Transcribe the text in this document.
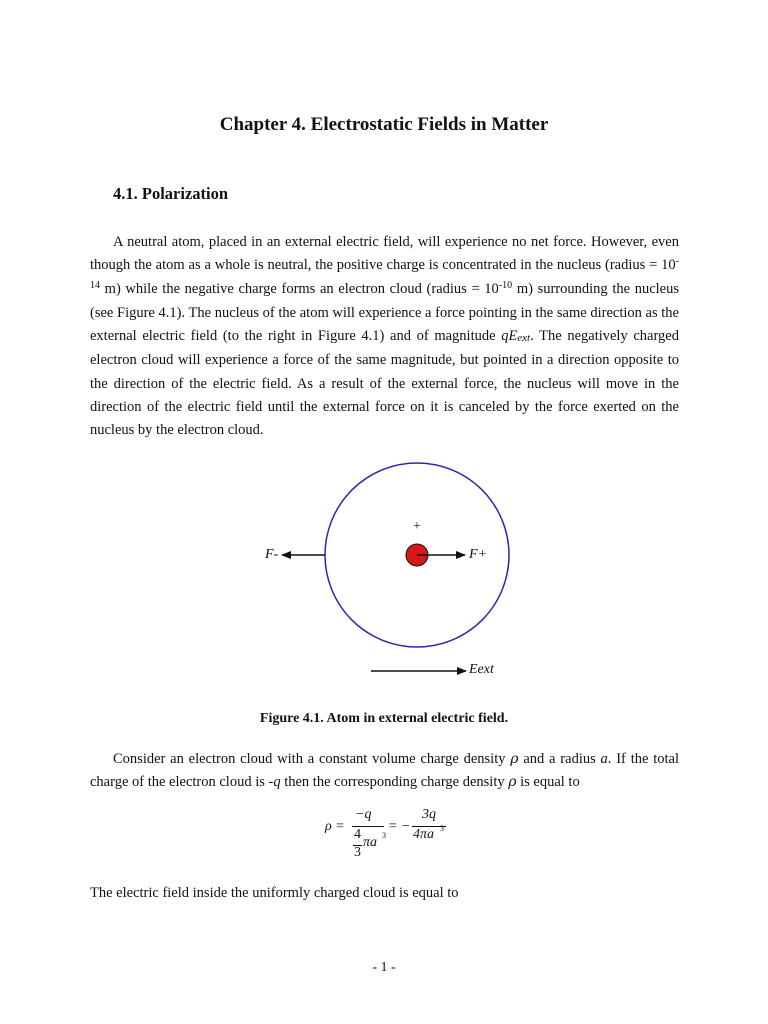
Chapter 4. Electrostatic Fields in Matter
4.1. Polarization

A neutral atom, placed in an external electric field, will experience no net force. However, even though the atom as a whole is neutral, the positive charge is concentrated in the nucleus (radius = $10^{-14}$ m) while the negative charge forms an electron cloud (radius = $10^{-10}$ m) surrounding the nucleus (see Figure 4.1). The nucleus of the atom will experience a force pointing in the same direction as the external electric field (to the right in Figure 4.1) and of magnitude $qE_{ext}$. The negatively charged electron cloud will experience a force of the same magnitude, but pointed in a direction opposite to the direction of the electric field. As a result of the external force, the nucleus will move in the direction of the electric field until the external force on it is canceled by the force exerted on the nucleus by the electron cloud.

+
F-	F+
Eext
Figure 4.1. Atom in external electric field.

Consider an electron cloud with a constant volume charge density ρ and a radius a. If the total charge of the electron cloud is -q then the corresponding charge density ρ is equal to

ρ =
−q
4
3
πa 3
= −
3q
4πa 3

The electric field inside the uniformly charged cloud is equal to

- 1 -
